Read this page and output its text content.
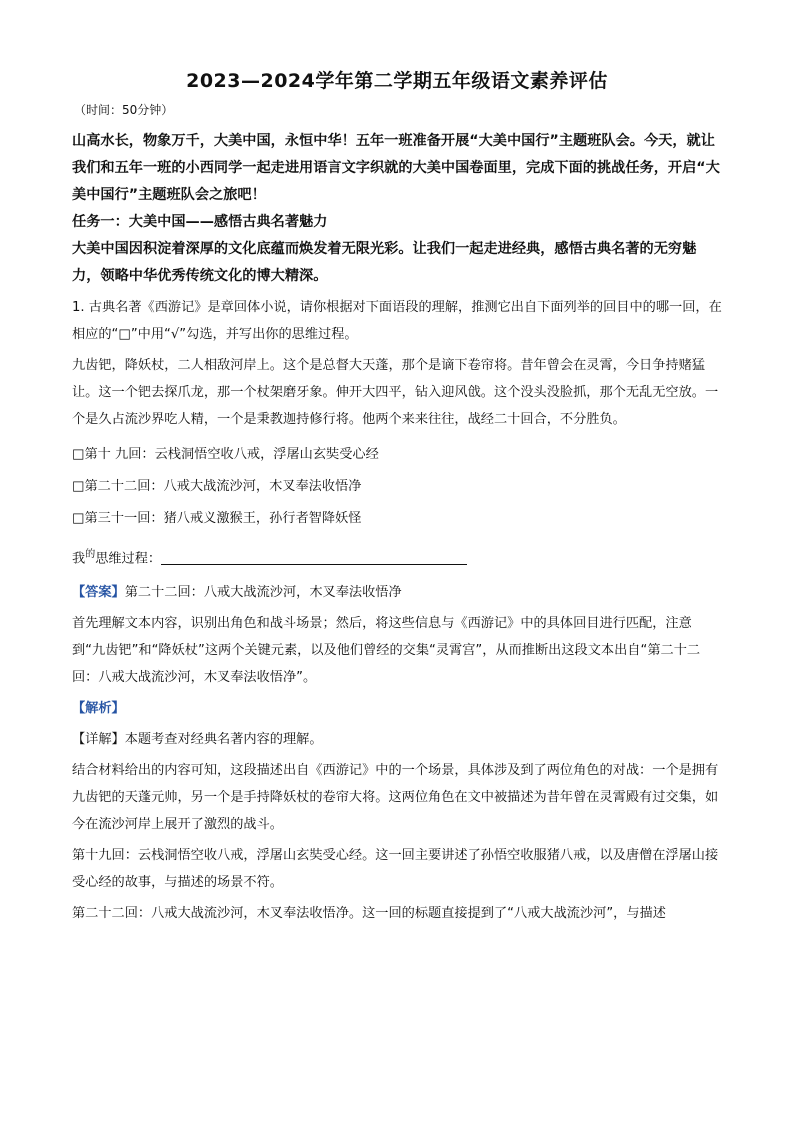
2023—2024学年第二学期五年级语文素养评估
（时间：50分钟）

山高水长，物象万千，大美中国，永恒中华！五年一班准备开展“大美中国行”主题班队会。今天，就让我们和五年一班的小西同学一起走进用语言文字织就的大美中国卷面里，完成下面的挑战任务，开启“大美中国行”主题班队会之旅吧！

任务一：大美中国——感悟古典名著魅力

大美中国因积淀着深厚的文化底蕴而焕发着无限光彩。让我们一起走进经典，感悟古典名著的无穷魅力，领略中华优秀传统文化的博大精深。

1. 古典名著《西游记》是章回体小说，请你根据对下面语段的理解，推测它出自下面列举的回目中的哪一回，在相应的“□”中用“√”勾选，并写出你的思维过程。

九齿钯，降妖杖，二人相敌河岸上。这个是总督大天蓬，那个是谪下卷帘将。昔年曾会在灵霄，今日争持赌猛让。这一个钯去探爪龙，那一个杖架磨牙象。伸开大四平，钻入迎风戗。这个没头没脸抓，那个无乱无空放。一个是久占流沙界吃人精，一个是秉教迦持修行将。他两个来来往往，战经二十回合，不分胜负。

□第十 九回：云栈洞悟空收八戒，浮屠山玄奘受心经

□第二十二回：八戒大战流沙河，木叉奉法收悟净

□第三十一回：猪八戒义激猴王，孙行者智降妖怪

我$^的$思维过程：

【答案】第二十二回：八戒大战流沙河，木叉奉法收悟净

首先理解文本内容，识别出角色和战斗场景；然后，将这些信息与《西游记》中的具体回目进行匹配，注意到“九齿钯”和“降妖杖”这两个关键元素，以及他们曾经的交集“灵霄宫”，从而推断出这段文本出自“第二十二回：八戒大战流沙河，木叉奉法收悟净”。

【解析】

【详解】本题考查对经典名著内容的理解。

结合材料给出的内容可知，这段描述出自《西游记》中的一个场景，具体涉及到了两位角色的对战：一个是拥有九齿钯的天蓬元帅，另一个是手持降妖杖的卷帘大将。这两位角色在文中被描述为昔年曾在灵霄殿有过交集，如今在流沙河岸上展开了激烈的战斗。

第十九回：云栈洞悟空收八戒，浮屠山玄奘受心经。这一回主要讲述了孙悟空收服猪八戒，以及唐僧在浮屠山接受心经的故事，与描述的场景不符。

第二十二回：八戒大战流沙河，木叉奉法收悟净。这一回的标题直接提到了“八戒大战流沙河”，与描述
